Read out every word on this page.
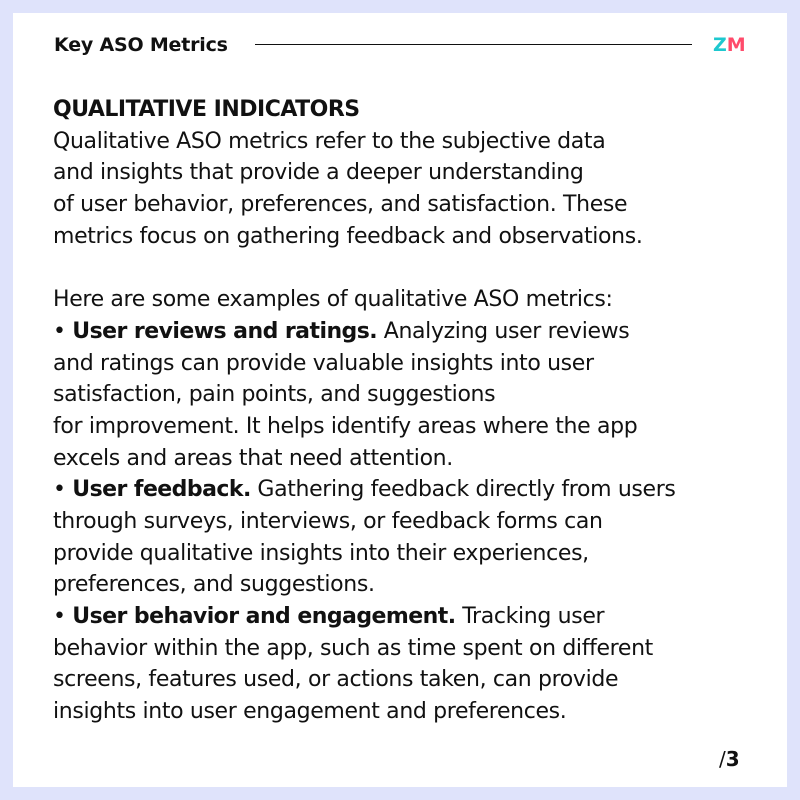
Key ASO Metrics	ZM
QUALITATIVE INDICATORS
Qualitative ASO metrics refer to the subjective data
and insights that provide a deeper understanding
of user behavior, preferences, and satisfaction. These
metrics focus on gathering feedback and observations.
Here are some examples of qualitative ASO metrics:
• User reviews and ratings. Analyzing user reviews
and ratings can provide valuable insights into user
satisfaction, pain points, and suggestions
for improvement. It helps identify areas where the app
excels and areas that need attention.
• User feedback. Gathering feedback directly from users
through surveys, interviews, or feedback forms can
provide qualitative insights into their experiences,
preferences, and suggestions.
• User behavior and engagement. Tracking user
behavior within the app, such as time spent on different
screens, features used, or actions taken, can provide
insights into user engagement and preferences.
/3
